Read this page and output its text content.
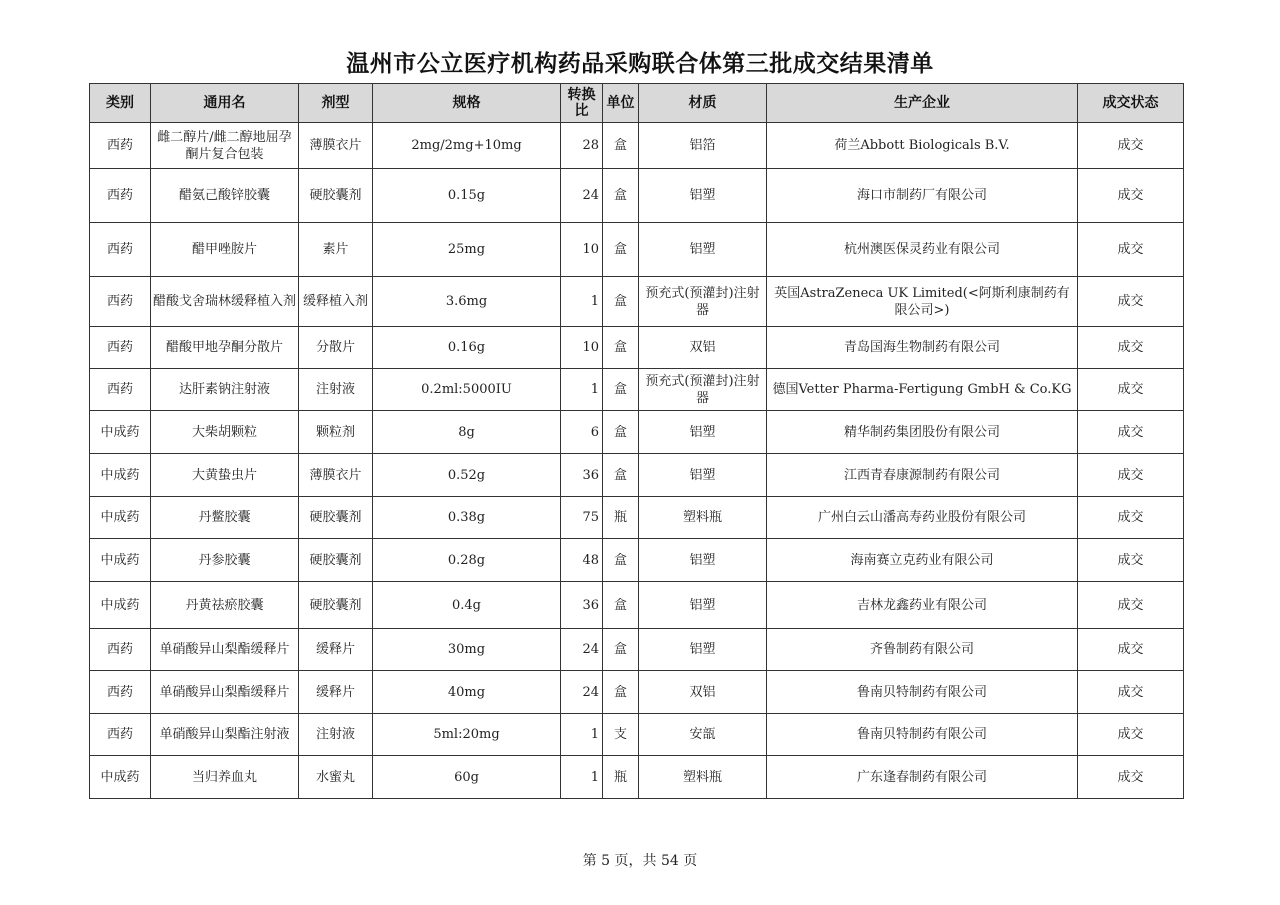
温州市公立医疗机构药品采购联合体第三批成交结果清单
类别	通用名	剂型	规格	转换比	单位	材质	生产企业	成交状态
西药	雌二醇片/雌二醇地屈孕酮片复合包装	薄膜衣片	2mg/2mg+10mg	28	盒	铝箔	荷兰Abbott Biologicals B.V.	成交
西药	醋氨己酸锌胶囊	硬胶囊剂	0.15g	24	盒	铝塑	海口市制药厂有限公司	成交
西药	醋甲唑胺片	素片	25mg	10	盒	铝塑	杭州澳医保灵药业有限公司	成交
西药	醋酸戈舍瑞林缓释植入剂	缓释植入剂	3.6mg	1	盒	预充式(预灌封)注射器	英国AstraZeneca UK Limited(<阿斯利康制药有限公司>)	成交
西药	醋酸甲地孕酮分散片	分散片	0.16g	10	盒	双铝	青岛国海生物制药有限公司	成交
西药	达肝素钠注射液	注射液	0.2ml:5000IU	1	盒	预充式(预灌封)注射器	德国Vetter Pharma-Fertigung GmbH & Co.KG	成交
中成药	大柴胡颗粒	颗粒剂	8g	6	盒	铝塑	精华制药集团股份有限公司	成交
中成药	大黄蛰虫片	薄膜衣片	0.52g	36	盒	铝塑	江西青春康源制药有限公司	成交
中成药	丹鳖胶囊	硬胶囊剂	0.38g	75	瓶	塑料瓶	广州白云山潘高寿药业股份有限公司	成交
中成药	丹参胶囊	硬胶囊剂	0.28g	48	盒	铝塑	海南赛立克药业有限公司	成交
中成药	丹黄祛瘀胶囊	硬胶囊剂	0.4g	36	盒	铝塑	吉林龙鑫药业有限公司	成交
西药	单硝酸异山梨酯缓释片	缓释片	30mg	24	盒	铝塑	齐鲁制药有限公司	成交
西药	单硝酸异山梨酯缓释片	缓释片	40mg	24	盒	双铝	鲁南贝特制药有限公司	成交
西药	单硝酸异山梨酯注射液	注射液	5ml:20mg	1	支	安瓿	鲁南贝特制药有限公司	成交
中成药	当归养血丸	水蜜丸	60g	1	瓶	塑料瓶	广东逢春制药有限公司	成交
第 5 页，共 54 页
